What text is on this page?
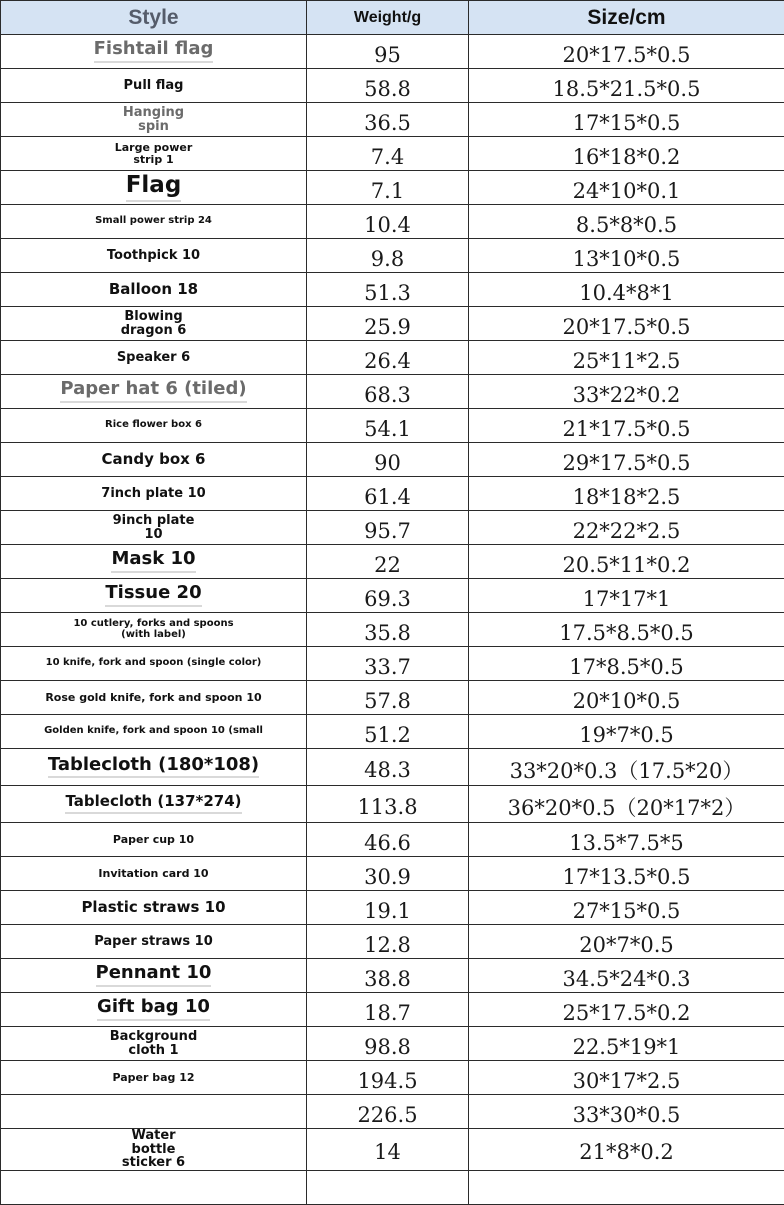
Style	Weight/g	Size/cm
Fishtail flag	95	20*17.5*0.5
Pull flag	58.8	18.5*21.5*0.5

Hanging spin	36.5	17*15*0.5

Large power strip 1	7.4	16*18*0.2
Flag	7.1	24*10*0.1
Small power strip 24	10.4	8.5*8*0.5
Toothpick 10	9.8	13*10*0.5
Balloon 18	51.3	10.4*8*1

Blowing dragon 6	25.9	20*17.5*0.5
Speaker 6	26.4	25*11*2.5
Paper hat 6 (tiled)	68.3	33*22*0.2
Rice flower box 6	54.1	21*17.5*0.5
Candy box 6	90	29*17.5*0.5
7inch plate 10	61.4	18*18*2.5

9inch plate 10	95.7	22*22*2.5
Mask 10	22	20.5*11*0.2
Tissue 20	69.3	17*17*1

10 cutlery, forks and spoons (with label)	35.8	17.5*8.5*0.5
10 knife, fork and spoon (single color)	33.7	17*8.5*0.5
Rose gold knife, fork and spoon 10	57.8	20*10*0.5
Golden knife, fork and spoon 10 (small	51.2	19*7*0.5
Tablecloth (180*108)	48.3	33*20*0.3（17.5*20）
Tablecloth (137*274)	113.8	36*20*0.5（20*17*2）
Paper cup 10	46.6	13.5*7.5*5
Invitation card 10	30.9	17*13.5*0.5
Plastic straws 10	19.1	27*15*0.5
Paper straws 10	12.8	20*7*0.5
Pennant 10	38.8	34.5*24*0.3
Gift bag 10	18.7	25*17.5*0.2

Background cloth 1	98.8	22.5*19*1
Paper bag 12	194.5	30*17*2.5
	226.5	33*30*0.5

Water bottle sticker 6	14	21*8*0.2
